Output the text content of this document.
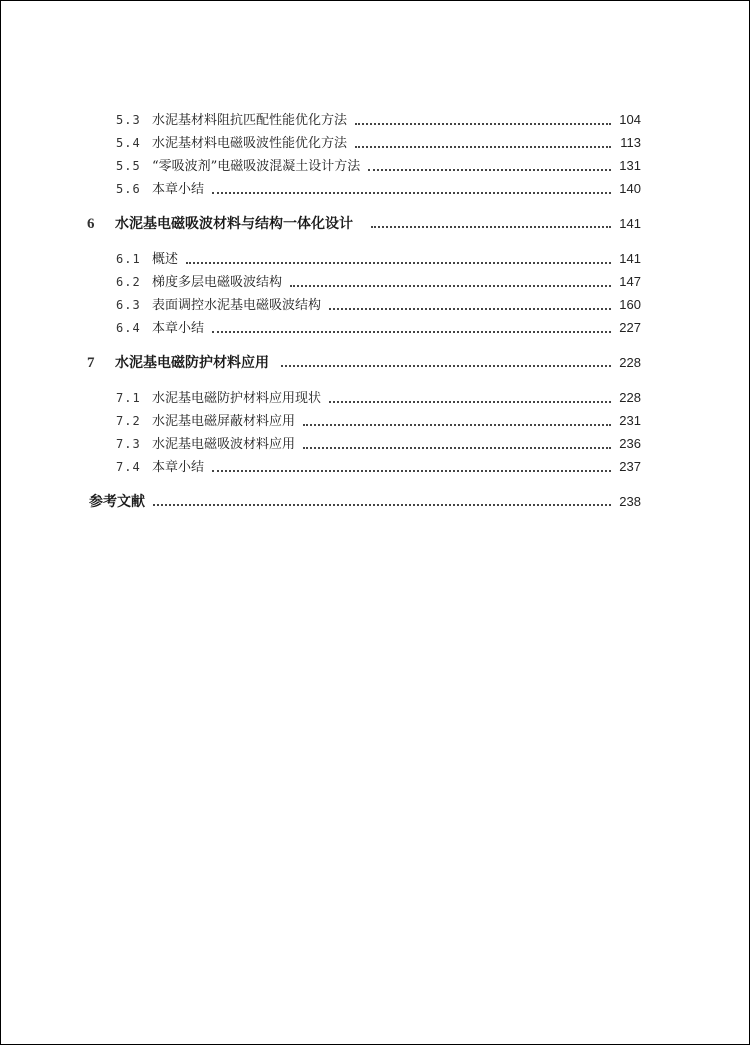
5.3 水泥基材料阻抗匹配性能优化方法	104
5.4 水泥基材料电磁吸波性能优化方法	113
5.5 “零吸波剂”电磁吸波混凝土设计方法	131
5.6 本章小结	140
6	水泥基电磁吸波材料与结构一体化设计	141
6.1 概述	141
6.2 梯度多层电磁吸波结构	147
6.3 表面调控水泥基电磁吸波结构	160
6.4 本章小结	227
7	水泥基电磁防护材料应用	228
7.1 水泥基电磁防护材料应用现状	228
7.2 水泥基电磁屏蔽材料应用	231
7.3 水泥基电磁吸波材料应用	236
7.4 本章小结	237
参考文献	238
